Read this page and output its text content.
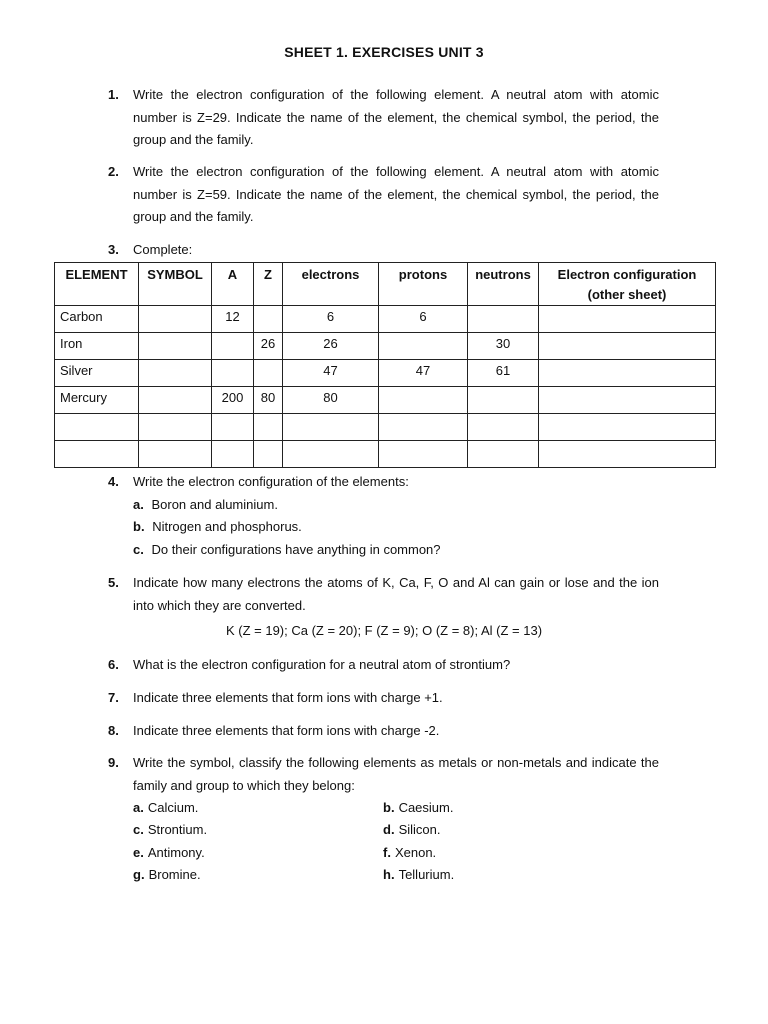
SHEET 1. EXERCISES UNIT 3
1. Write the electron configuration of the following element. A neutral atom with atomic number is Z=29. Indicate the name of the element, the chemical symbol, the period, the group and the family.
2. Write the electron configuration of the following element. A neutral atom with atomic number is Z=59. Indicate the name of the element, the chemical symbol, the period, the group and the family.
3. Complete:
ELEMENT	SYMBOL	A	Z	electrons	protons	neutrons	Electron configuration (other sheet)
Carbon		12		6	6		
Iron			26	26		30	
Silver				47	47	61	
Mercury		200	80	80			

4. Write the electron configuration of the elements:
a. Boron and aluminium.
b. Nitrogen and phosphorus.
c. Do their configurations have anything in common?
5. Indicate how many electrons the atoms of K, Ca, F, O and Al can gain or lose and the ion into which they are converted.
K (Z = 19); Ca (Z = 20); F (Z = 9); O (Z = 8); Al (Z = 13)
6. What is the electron configuration for a neutral atom of strontium?
7. Indicate three elements that form ions with charge +1.
8. Indicate three elements that form ions with charge -2.
9. Write the symbol, classify the following elements as metals or non-metals and indicate the family and group to which they belong:
a. Calcium.	b. Caesium.
c. Strontium.	d. Silicon.
e. Antimony.	f. Xenon.
g. Bromine.	h. Tellurium.
